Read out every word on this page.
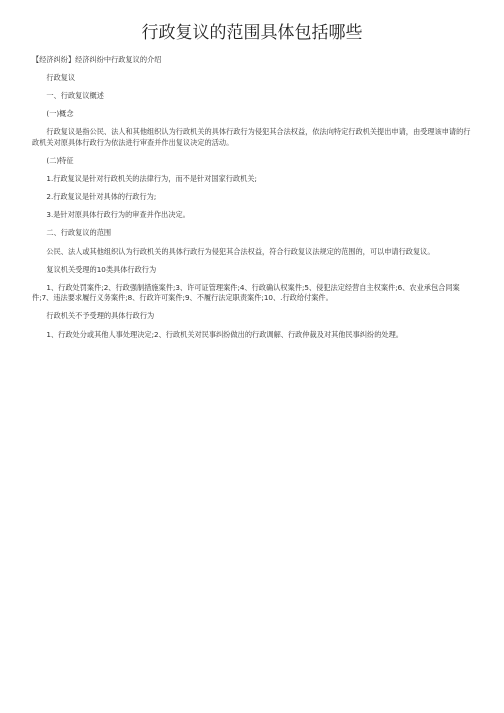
行政复议的范围具体包括哪些

【经济纠纷】经济纠纷中行政复议的介绍

行政复议

一、行政复议概述

(一)概念

行政复议是指公民、法人和其他组织认为行政机关的具体行政行为侵犯其合法权益，依法向特定行政机关提出申请，由受理该申请的行政机关对原具体行政行为依法进行审查并作出复议决定的活动。

(二)特征

1.行政复议是针对行政机关的法律行为，而不是针对国家行政机关;

2.行政复议是针对具体的行政行为;

3.是针对原具体行政行为的审查并作出决定。

二、行政复议的范围

公民、法人或其他组织认为行政机关的具体行政行为侵犯其合法权益，符合行政复议法规定的范围的，可以申请行政复议。

复议机关受理的10类具体行政行为

1、行政处罚案件;2、行政强制措施案件;3、许可证管理案件;4、行政确认权案件;5、侵犯法定经营自主权案件;6、农业承包合同案件;7、违法要求履行义务案件;8、行政许可案件;9、不履行法定职责案件;10、.行政给付案件。

行政机关不予受理的具体行政行为

1、行政处分或其他人事处理决定;2、行政机关对民事纠纷做出的行政调解、行政仲裁及对其他民事纠纷的处理。
